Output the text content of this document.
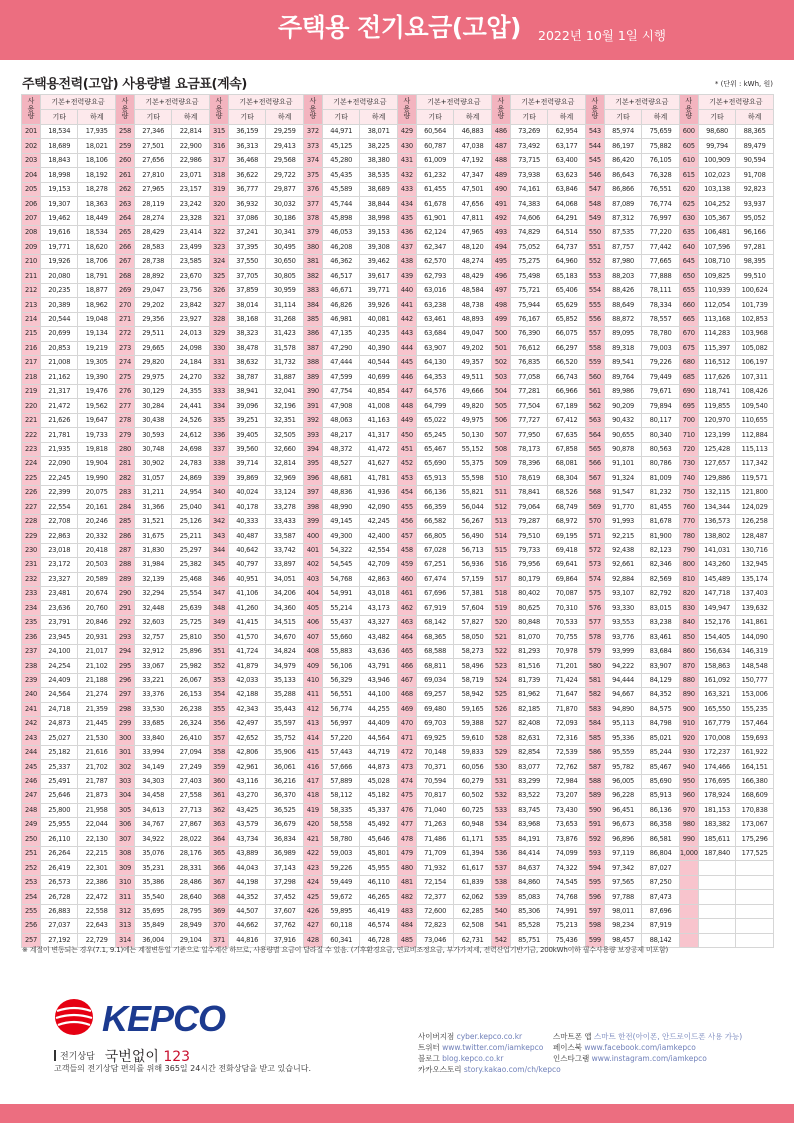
주택용 전기요금(고압) 2022년 10월 1일 시행
주택용전력(고압) 사용량별 요금표(계속)	* (단위 : kWh, 원)
사
용
량	기본+전력량요금		사
용
량	기본+전력량요금		사
용
량	기본+전력량요금		사
용
량	기본+전력량요금		사
용
량	기본+전력량요금		사
용
량	기본+전력량요금		사
용
량	기본+전력량요금		사
용
량	기본+전력량요금	
	기타	하계		기타	하계		기타	하계		기타	하계		기타	하계		기타	하계		기타	하계		기타	하계
201	18,534	17,935	258	27,346	22,814	315	36,159	29,259	372	44,971	38,071	429	60,564	46,883	486	73,269	62,954	543	85,974	75,659	600	98,680	88,365
202	18,689	18,021	259	27,501	22,900	316	36,313	29,413	373	45,125	38,225	430	60,787	47,038	487	73,492	63,177	544	86,197	75,882	605	99,794	89,479
203	18,843	18,106	260	27,656	22,986	317	36,468	29,568	374	45,280	38,380	431	61,009	47,192	488	73,715	63,400	545	86,420	76,105	610	100,909	90,594
204	18,998	18,192	261	27,810	23,071	318	36,622	29,722	375	45,435	38,535	432	61,232	47,347	489	73,938	63,623	546	86,643	76,328	615	102,023	91,708
205	19,153	18,278	262	27,965	23,157	319	36,777	29,877	376	45,589	38,689	433	61,455	47,501	490	74,161	63,846	547	86,866	76,551	620	103,138	92,823
206	19,307	18,363	263	28,119	23,242	320	36,932	30,032	377	45,744	38,844	434	61,678	47,656	491	74,383	64,068	548	87,089	76,774	625	104,252	93,937
207	19,462	18,449	264	28,274	23,328	321	37,086	30,186	378	45,898	38,998	435	61,901	47,811	492	74,606	64,291	549	87,312	76,997	630	105,367	95,052
208	19,616	18,534	265	28,429	23,414	322	37,241	30,341	379	46,053	39,153	436	62,124	47,965	493	74,829	64,514	550	87,535	77,220	635	106,481	96,166
209	19,771	18,620	266	28,583	23,499	323	37,395	30,495	380	46,208	39,308	437	62,347	48,120	494	75,052	64,737	551	87,757	77,442	640	107,596	97,281
210	19,926	18,706	267	28,738	23,585	324	37,550	30,650	381	46,362	39,462	438	62,570	48,274	495	75,275	64,960	552	87,980	77,665	645	108,710	98,395
211	20,080	18,791	268	28,892	23,670	325	37,705	30,805	382	46,517	39,617	439	62,793	48,429	496	75,498	65,183	553	88,203	77,888	650	109,825	99,510
212	20,235	18,877	269	29,047	23,756	326	37,859	30,959	383	46,671	39,771	440	63,016	48,584	497	75,721	65,406	554	88,426	78,111	655	110,939	100,624
213	20,389	18,962	270	29,202	23,842	327	38,014	31,114	384	46,826	39,926	441	63,238	48,738	498	75,944	65,629	555	88,649	78,334	660	112,054	101,739
214	20,544	19,048	271	29,356	23,927	328	38,168	31,268	385	46,981	40,081	442	63,461	48,893	499	76,167	65,852	556	88,872	78,557	665	113,168	102,853
215	20,699	19,134	272	29,511	24,013	329	38,323	31,423	386	47,135	40,235	443	63,684	49,047	500	76,390	66,075	557	89,095	78,780	670	114,283	103,968
216	20,853	19,219	273	29,665	24,098	330	38,478	31,578	387	47,290	40,390	444	63,907	49,202	501	76,612	66,297	558	89,318	79,003	675	115,397	105,082
217	21,008	19,305	274	29,820	24,184	331	38,632	31,732	388	47,444	40,544	445	64,130	49,357	502	76,835	66,520	559	89,541	79,226	680	116,512	106,197
218	21,162	19,390	275	29,975	24,270	332	38,787	31,887	389	47,599	40,699	446	64,353	49,511	503	77,058	66,743	560	89,764	79,449	685	117,626	107,311
219	21,317	19,476	276	30,129	24,355	333	38,941	32,041	390	47,754	40,854	447	64,576	49,666	504	77,281	66,966	561	89,986	79,671	690	118,741	108,426
220	21,472	19,562	277	30,284	24,441	334	39,096	32,196	391	47,908	41,008	448	64,799	49,820	505	77,504	67,189	562	90,209	79,894	695	119,855	109,540
221	21,626	19,647	278	30,438	24,526	335	39,251	32,351	392	48,063	41,163	449	65,022	49,975	506	77,727	67,412	563	90,432	80,117	700	120,970	110,655
222	21,781	19,733	279	30,593	24,612	336	39,405	32,505	393	48,217	41,317	450	65,245	50,130	507	77,950	67,635	564	90,655	80,340	710	123,199	112,884
223	21,935	19,818	280	30,748	24,698	337	39,560	32,660	394	48,372	41,472	451	65,467	55,152	508	78,173	67,858	565	90,878	80,563	720	125,428	115,113
224	22,090	19,904	281	30,902	24,783	338	39,714	32,814	395	48,527	41,627	452	65,690	55,375	509	78,396	68,081	566	91,101	80,786	730	127,657	117,342
225	22,245	19,990	282	31,057	24,869	339	39,869	32,969	396	48,681	41,781	453	65,913	55,598	510	78,619	68,304	567	91,324	81,009	740	129,886	119,571
226	22,399	20,075	283	31,211	24,954	340	40,024	33,124	397	48,836	41,936	454	66,136	55,821	511	78,841	68,526	568	91,547	81,232	750	132,115	121,800
227	22,554	20,161	284	31,366	25,040	341	40,178	33,278	398	48,990	42,090	455	66,359	56,044	512	79,064	68,749	569	91,770	81,455	760	134,344	124,029
228	22,708	20,246	285	31,521	25,126	342	40,333	33,433	399	49,145	42,245	456	66,582	56,267	513	79,287	68,972	570	91,993	81,678	770	136,573	126,258
229	22,863	20,332	286	31,675	25,211	343	40,487	33,587	400	49,300	42,400	457	66,805	56,490	514	79,510	69,195	571	92,215	81,900	780	138,802	128,487
230	23,018	20,418	287	31,830	25,297	344	40,642	33,742	401	54,322	42,554	458	67,028	56,713	515	79,733	69,418	572	92,438	82,123	790	141,031	130,716
231	23,172	20,503	288	31,984	25,382	345	40,797	33,897	402	54,545	42,709	459	67,251	56,936	516	79,956	69,641	573	92,661	82,346	800	143,260	132,945
232	23,327	20,589	289	32,139	25,468	346	40,951	34,051	403	54,768	42,863	460	67,474	57,159	517	80,179	69,864	574	92,884	82,569	810	145,489	135,174
233	23,481	20,674	290	32,294	25,554	347	41,106	34,206	404	54,991	43,018	461	67,696	57,381	518	80,402	70,087	575	93,107	82,792	820	147,718	137,403
234	23,636	20,760	291	32,448	25,639	348	41,260	34,360	405	55,214	43,173	462	67,919	57,604	519	80,625	70,310	576	93,330	83,015	830	149,947	139,632
235	23,791	20,846	292	32,603	25,725	349	41,415	34,515	406	55,437	43,327	463	68,142	57,827	520	80,848	70,533	577	93,553	83,238	840	152,176	141,861
236	23,945	20,931	293	32,757	25,810	350	41,570	34,670	407	55,660	43,482	464	68,365	58,050	521	81,070	70,755	578	93,776	83,461	850	154,405	144,090
237	24,100	21,017	294	32,912	25,896	351	41,724	34,824	408	55,883	43,636	465	68,588	58,273	522	81,293	70,978	579	93,999	83,684	860	156,634	146,319
238	24,254	21,102	295	33,067	25,982	352	41,879	34,979	409	56,106	43,791	466	68,811	58,496	523	81,516	71,201	580	94,222	83,907	870	158,863	148,548
239	24,409	21,188	296	33,221	26,067	353	42,033	35,133	410	56,329	43,946	467	69,034	58,719	524	81,739	71,424	581	94,444	84,129	880	161,092	150,777
240	24,564	21,274	297	33,376	26,153	354	42,188	35,288	411	56,551	44,100	468	69,257	58,942	525	81,962	71,647	582	94,667	84,352	890	163,321	153,006
241	24,718	21,359	298	33,530	26,238	355	42,343	35,443	412	56,774	44,255	469	69,480	59,165	526	82,185	71,870	583	94,890	84,575	900	165,550	155,235
242	24,873	21,445	299	33,685	26,324	356	42,497	35,597	413	56,997	44,409	470	69,703	59,388	527	82,408	72,093	584	95,113	84,798	910	167,779	157,464
243	25,027	21,530	300	33,840	26,410	357	42,652	35,752	414	57,220	44,564	471	69,925	59,610	528	82,631	72,316	585	95,336	85,021	920	170,008	159,693
244	25,182	21,616	301	33,994	27,094	358	42,806	35,906	415	57,443	44,719	472	70,148	59,833	529	82,854	72,539	586	95,559	85,244	930	172,237	161,922
245	25,337	21,702	302	34,149	27,249	359	42,961	36,061	416	57,666	44,873	473	70,371	60,056	530	83,077	72,762	587	95,782	85,467	940	174,466	164,151
246	25,491	21,787	303	34,303	27,403	360	43,116	36,216	417	57,889	45,028	474	70,594	60,279	531	83,299	72,984	588	96,005	85,690	950	176,695	166,380
247	25,646	21,873	304	34,458	27,558	361	43,270	36,370	418	58,112	45,182	475	70,817	60,502	532	83,522	73,207	589	96,228	85,913	960	178,924	168,609
248	25,800	21,958	305	34,613	27,713	362	43,425	36,525	419	58,335	45,337	476	71,040	60,725	533	83,745	73,430	590	96,451	86,136	970	181,153	170,838
249	25,955	22,044	306	34,767	27,867	363	43,579	36,679	420	58,558	45,492	477	71,263	60,948	534	83,968	73,653	591	96,673	86,358	980	183,382	173,067
250	26,110	22,130	307	34,922	28,022	364	43,734	36,834	421	58,780	45,646	478	71,486	61,171	535	84,191	73,876	592	96,896	86,581	990	185,611	175,296
251	26,264	22,215	308	35,076	28,176	365	43,889	36,989	422	59,003	45,801	479	71,709	61,394	536	84,414	74,099	593	97,119	86,804	1,000	187,840	177,525
252	26,419	22,301	309	35,231	28,331	366	44,043	37,143	423	59,226	45,955	480	71,932	61,617	537	84,637	74,322	594	97,342	87,027			
253	26,573	22,386	310	35,386	28,486	367	44,198	37,298	424	59,449	46,110	481	72,154	61,839	538	84,860	74,545	595	97,565	87,250			
254	26,728	22,472	311	35,540	28,640	368	44,352	37,452	425	59,672	46,265	482	72,377	62,062	539	85,083	74,768	596	97,788	87,473			
255	26,883	22,558	312	35,695	28,795	369	44,507	37,607	426	59,895	46,419	483	72,600	62,285	540	85,306	74,991	597	98,011	87,696			
256	27,037	22,643	313	35,849	28,949	370	44,662	37,762	427	60,118	46,574	484	72,823	62,508	541	85,528	75,213	598	98,234	87,919			
257	27,192	22,729	314	36,004	29,104	371	44,816	37,916	428	60,341	46,728	485	73,046	62,731	542	85,751	75,436	599	98,457	88,142			
※ 계절이 변동되는 경우(7.1, 9.1)에는 계절변동일 기준으로 일수계산 하므로, 사용량별 요금이 달라질 수 있음. (기후환경요금, 연료비조정요금, 부가가치세, 전력산업기반기금, 200kWh이하 필수사용량 보장공제 미포함)
KEPCO
전기상담 국번없이 123
고객들의 전기상담 편의를 위해 365일 24시간 전화상담을 받고 있습니다.
사이버지점 cyber.kepco.co.kr
트위터 www.twitter.com/iamkepco
블로그 blog.kepco.co.kr
카카오스토리 story.kakao.com/ch/kepco
스마트폰 앱 스마트 한전(아이폰, 안드로이드폰 사용 가능)
페이스북 www.facebook.com/iamkepco
인스타그램 www.instagram.com/iamkepco
